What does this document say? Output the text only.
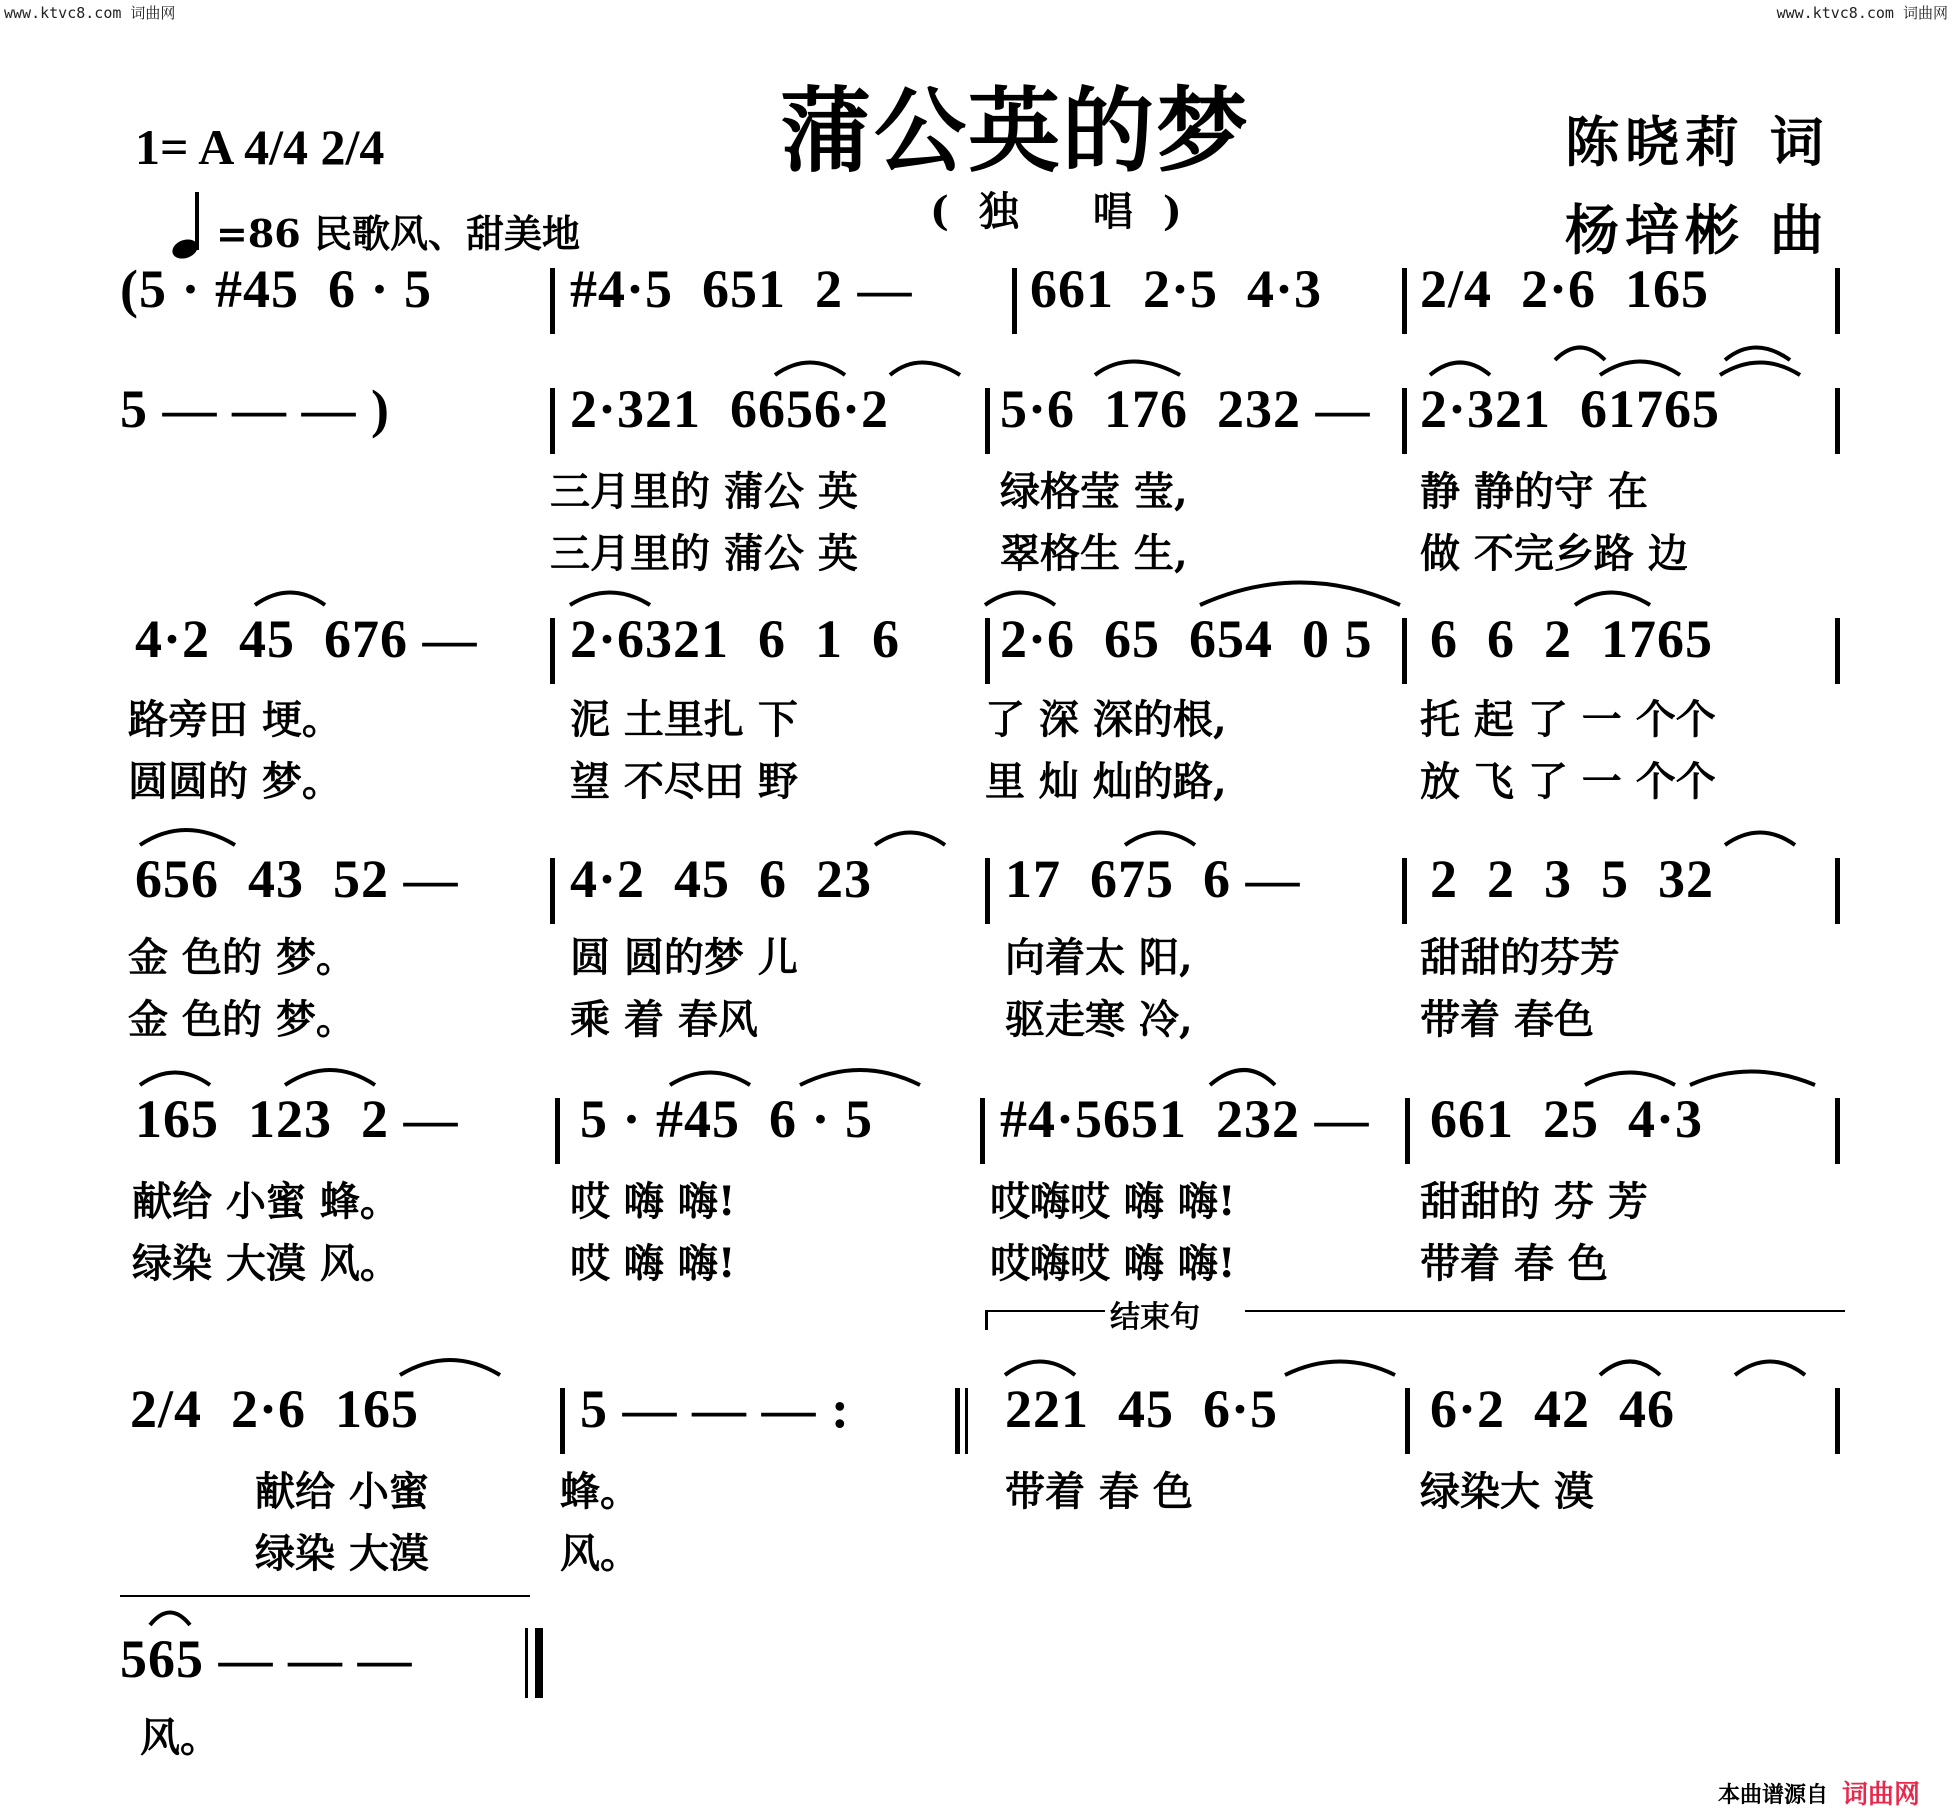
www.ktvc8.com 词曲网	www.ktvc8.com 词曲网
蒲公英的梦
(独 唱)
陈晓莉 词
杨培彬 曲
1= A 4/4 2/4
=86 民歌风、甜美地
(5 · #45  6 · 5	#4·5  651  2 — 661  2·5  4·3 2/4  2·6  165
5 — — — )	2·321  6656·2 5·6  176  232 — 2·321  61765
三月里的 蒲公 英	绿格莹 莹,	静 静的守 在
三月里的 蒲公 英	翠格生 生,	做 不完乡路 边
4·2  45  676 — 2·6321  6  1  6 2·6  65  654  0 5 6  6  2  1765
路旁田 埂。	泥 土里扎 下	了 深 深的根,	托 起 了 一 个个
圆圆的 梦。	望 不尽田 野	里 灿 灿的路,	放 飞 了 一 个个
656  43  52 — 4·2  45  6  23 17  675  6 — 2  2  3  5  32
金 色的 梦。	圆 圆的梦 儿	向着太 阳,	甜甜的芬芳
金 色的 梦。	乘 着 春风	驱走寒 冷,	带着 春色
165  123  2 — 5 · #45  6 · 5 #4·5651  232 — 661  25  4·3
献给 小蜜 蜂。	哎 嗨 嗨!	哎嗨哎 嗨 嗨!	甜甜的 芬 芳
绿染 大漠 风。	哎 嗨 嗨!	哎嗨哎 嗨 嗨!	带着 春 色
结束句
2/4  2·6  165	5 — — — :	221  45  6·5	6·2  42  46
献给 小蜜	蜂。	带着 春 色	绿染大 漠
绿染 大漠	风。
565 — — —
风。
本曲谱源自 词曲网
